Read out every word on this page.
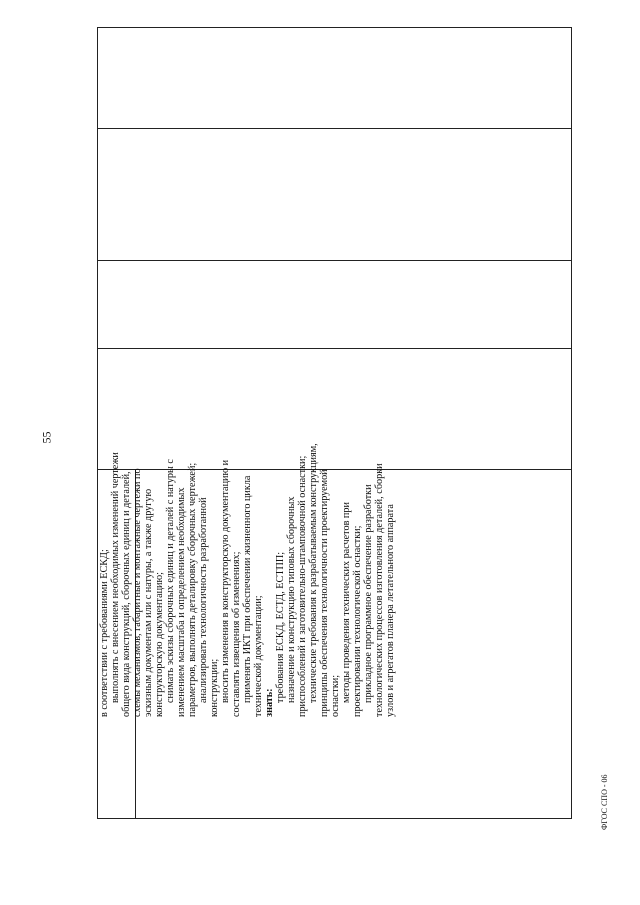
55

в соответствии с требованиями ЕСКД; выполнять с внесением необходимых изменений чертежи общего вида конструкций, сборочных единиц и деталей, схемы механизмов, габаритные и монтажные чертежи по эскизным документам или с натуры, а также другую конструкторскую документацию; снимать эскизы сборочных единиц и деталей с натуры с изменением масштаба и определением необходимых параметров, выполнять деталировку сборочных чертежей; анализировать технологичность разработанной конструкции; вносить изменения в конструкторскую документацию и составлять извещения об изменениях; применять ИКТ при обеспечении жизненного цикла технической документации; знать: требования ЕСКД, ЕСТД, ЕСТПП; назначение и конструкцию типовых сборочных приспособлений и заготовительно-штамповочной оснастки; технические требования к разрабатываемым конструкциям, принципы обеспечения технологичности проектируемой оснастки; методы проведения технических расчетов при проектировании технологической оснастки; прикладное программное обеспечение разработки технологических процессов изготовления деталей, сборки узлов и агрегатов планера летательного аппарата

ФГОС СПО - 06
